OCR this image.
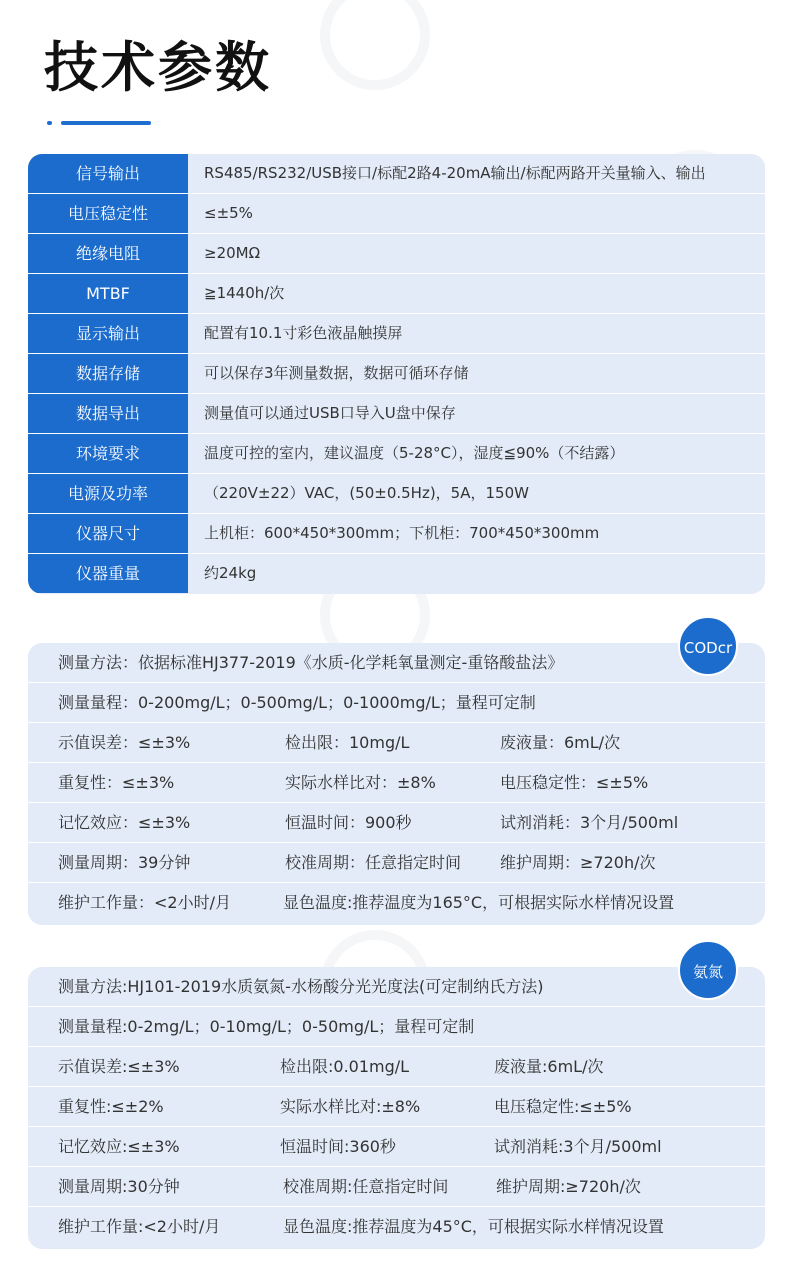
技术参数
信号输出	RS485/RS232/USB接口/标配2路4-20mA输出/标配两路开关量输入、输出
电压稳定性	≤±5%
绝缘电阻	≥20MΩ
MTBF	≧1440h/次
显示输出	配置有10.1寸彩色液晶触摸屏
数据存储	可以保存3年测量数据，数据可循环存储
数据导出	测量值可以通过USB口导入U盘中保存
环境要求	温度可控的室内，建议温度（5-28°C），湿度≦90%（不结露）
电源及功率	（220V±22）VAC，(50±0.5Hz)，5A，150W
仪器尺寸	上机柜：600*450*300mm；下机柜：700*450*300mm
仪器重量	约24kg
测量方法：依据标准HJ377-2019《水质-化学耗氧量测定-重铬酸盐法》
测量量程：0-200mg/L；0-500mg/L；0-1000mg/L；量程可定制
示值误差：≤±3%	检出限：10mg/L	废液量：6mL/次
重复性：≤±3%	实际水样比对：±8%	电压稳定性：≤±5%
记忆效应：≤±3%	恒温时间：900秒	试剂消耗：3个月/500ml
测量周期：39分钟	校准周期：任意指定时间 维护周期：≥720h/次
维护工作量：<2小时/月	显色温度:推荐温度为165°C，可根据实际水样情况设置
CODcr
测量方法:HJ101-2019水质氨氮-水杨酸分光光度法(可定制纳氏方法)
测量量程:0-2mg/L；0-10mg/L；0-50mg/L；量程可定制
示值误差:≤±3%	检出限:0.01mg/L	废液量:6mL/次
重复性:≤±2%	实际水样比对:±8%	电压稳定性:≤±5%
记忆效应:≤±3%	恒温时间:360秒	试剂消耗:3个月/500ml
测量周期:30分钟	校准周期:任意指定时间	维护周期:≥720h/次
维护工作量:<2小时/月	显色温度:推荐温度为45°C，可根据实际水样情况设置
氨氮
